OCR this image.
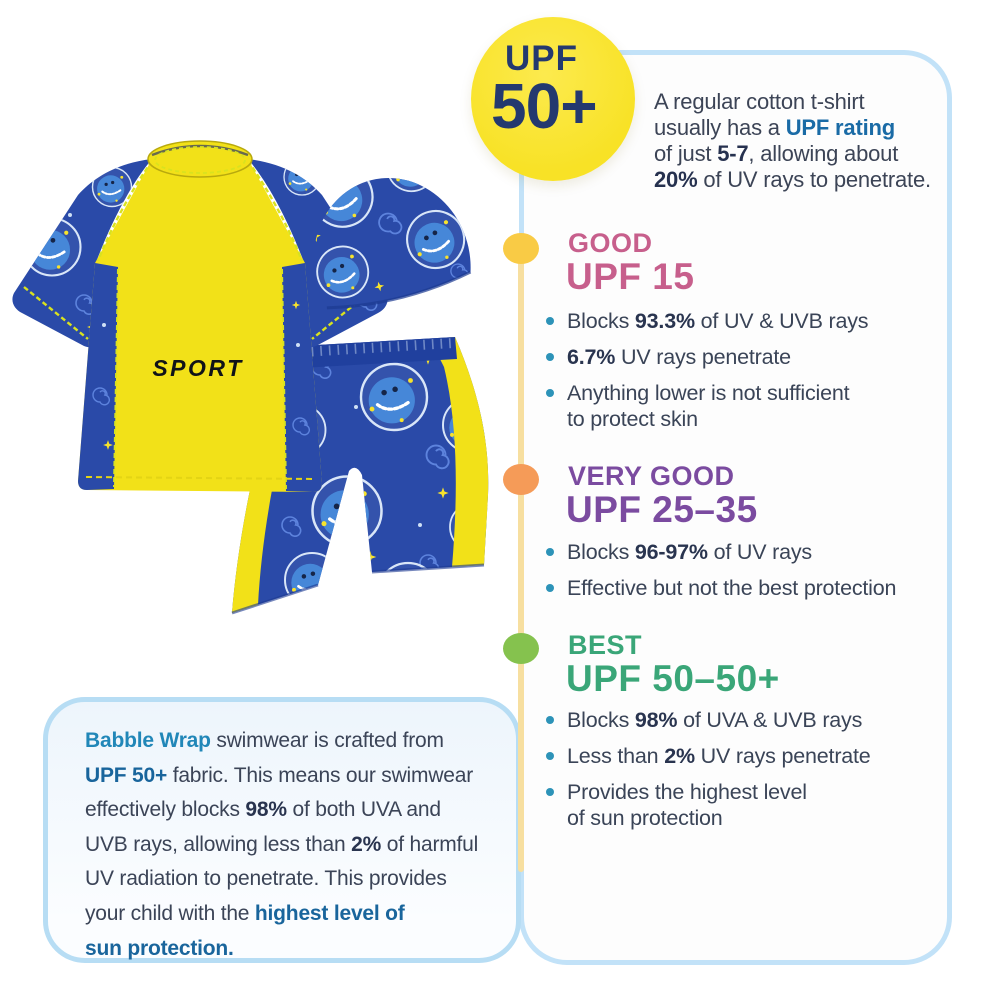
SPORT
UPF
50+	A regular cotton t-shirt
usually has a UPF rating
of just 5-7, allowing about
20% of UV rays to penetrate.
GOOD
UPF 15
Blocks 93.3% of UV & UVB rays
6.7% UV rays penetrate
Anything lower is not sufficient
to protect skin
VERY GOOD
UPF 25–35
Blocks 96-97% of UV rays
Effective but not the best protection
BEST
UPF 50–50+
Blocks 98% of UVA & UVB rays
Less than 2% UV rays penetrate
Provides the highest level
of sun protection
Babble Wrap swimwear is crafted from
UPF 50+ fabric. This means our swimwear
effectively blocks 98% of both UVA and
UVB rays, allowing less than 2% of harmful
UV radiation to penetrate. This provides
your child with the highest level of
sun protection.
